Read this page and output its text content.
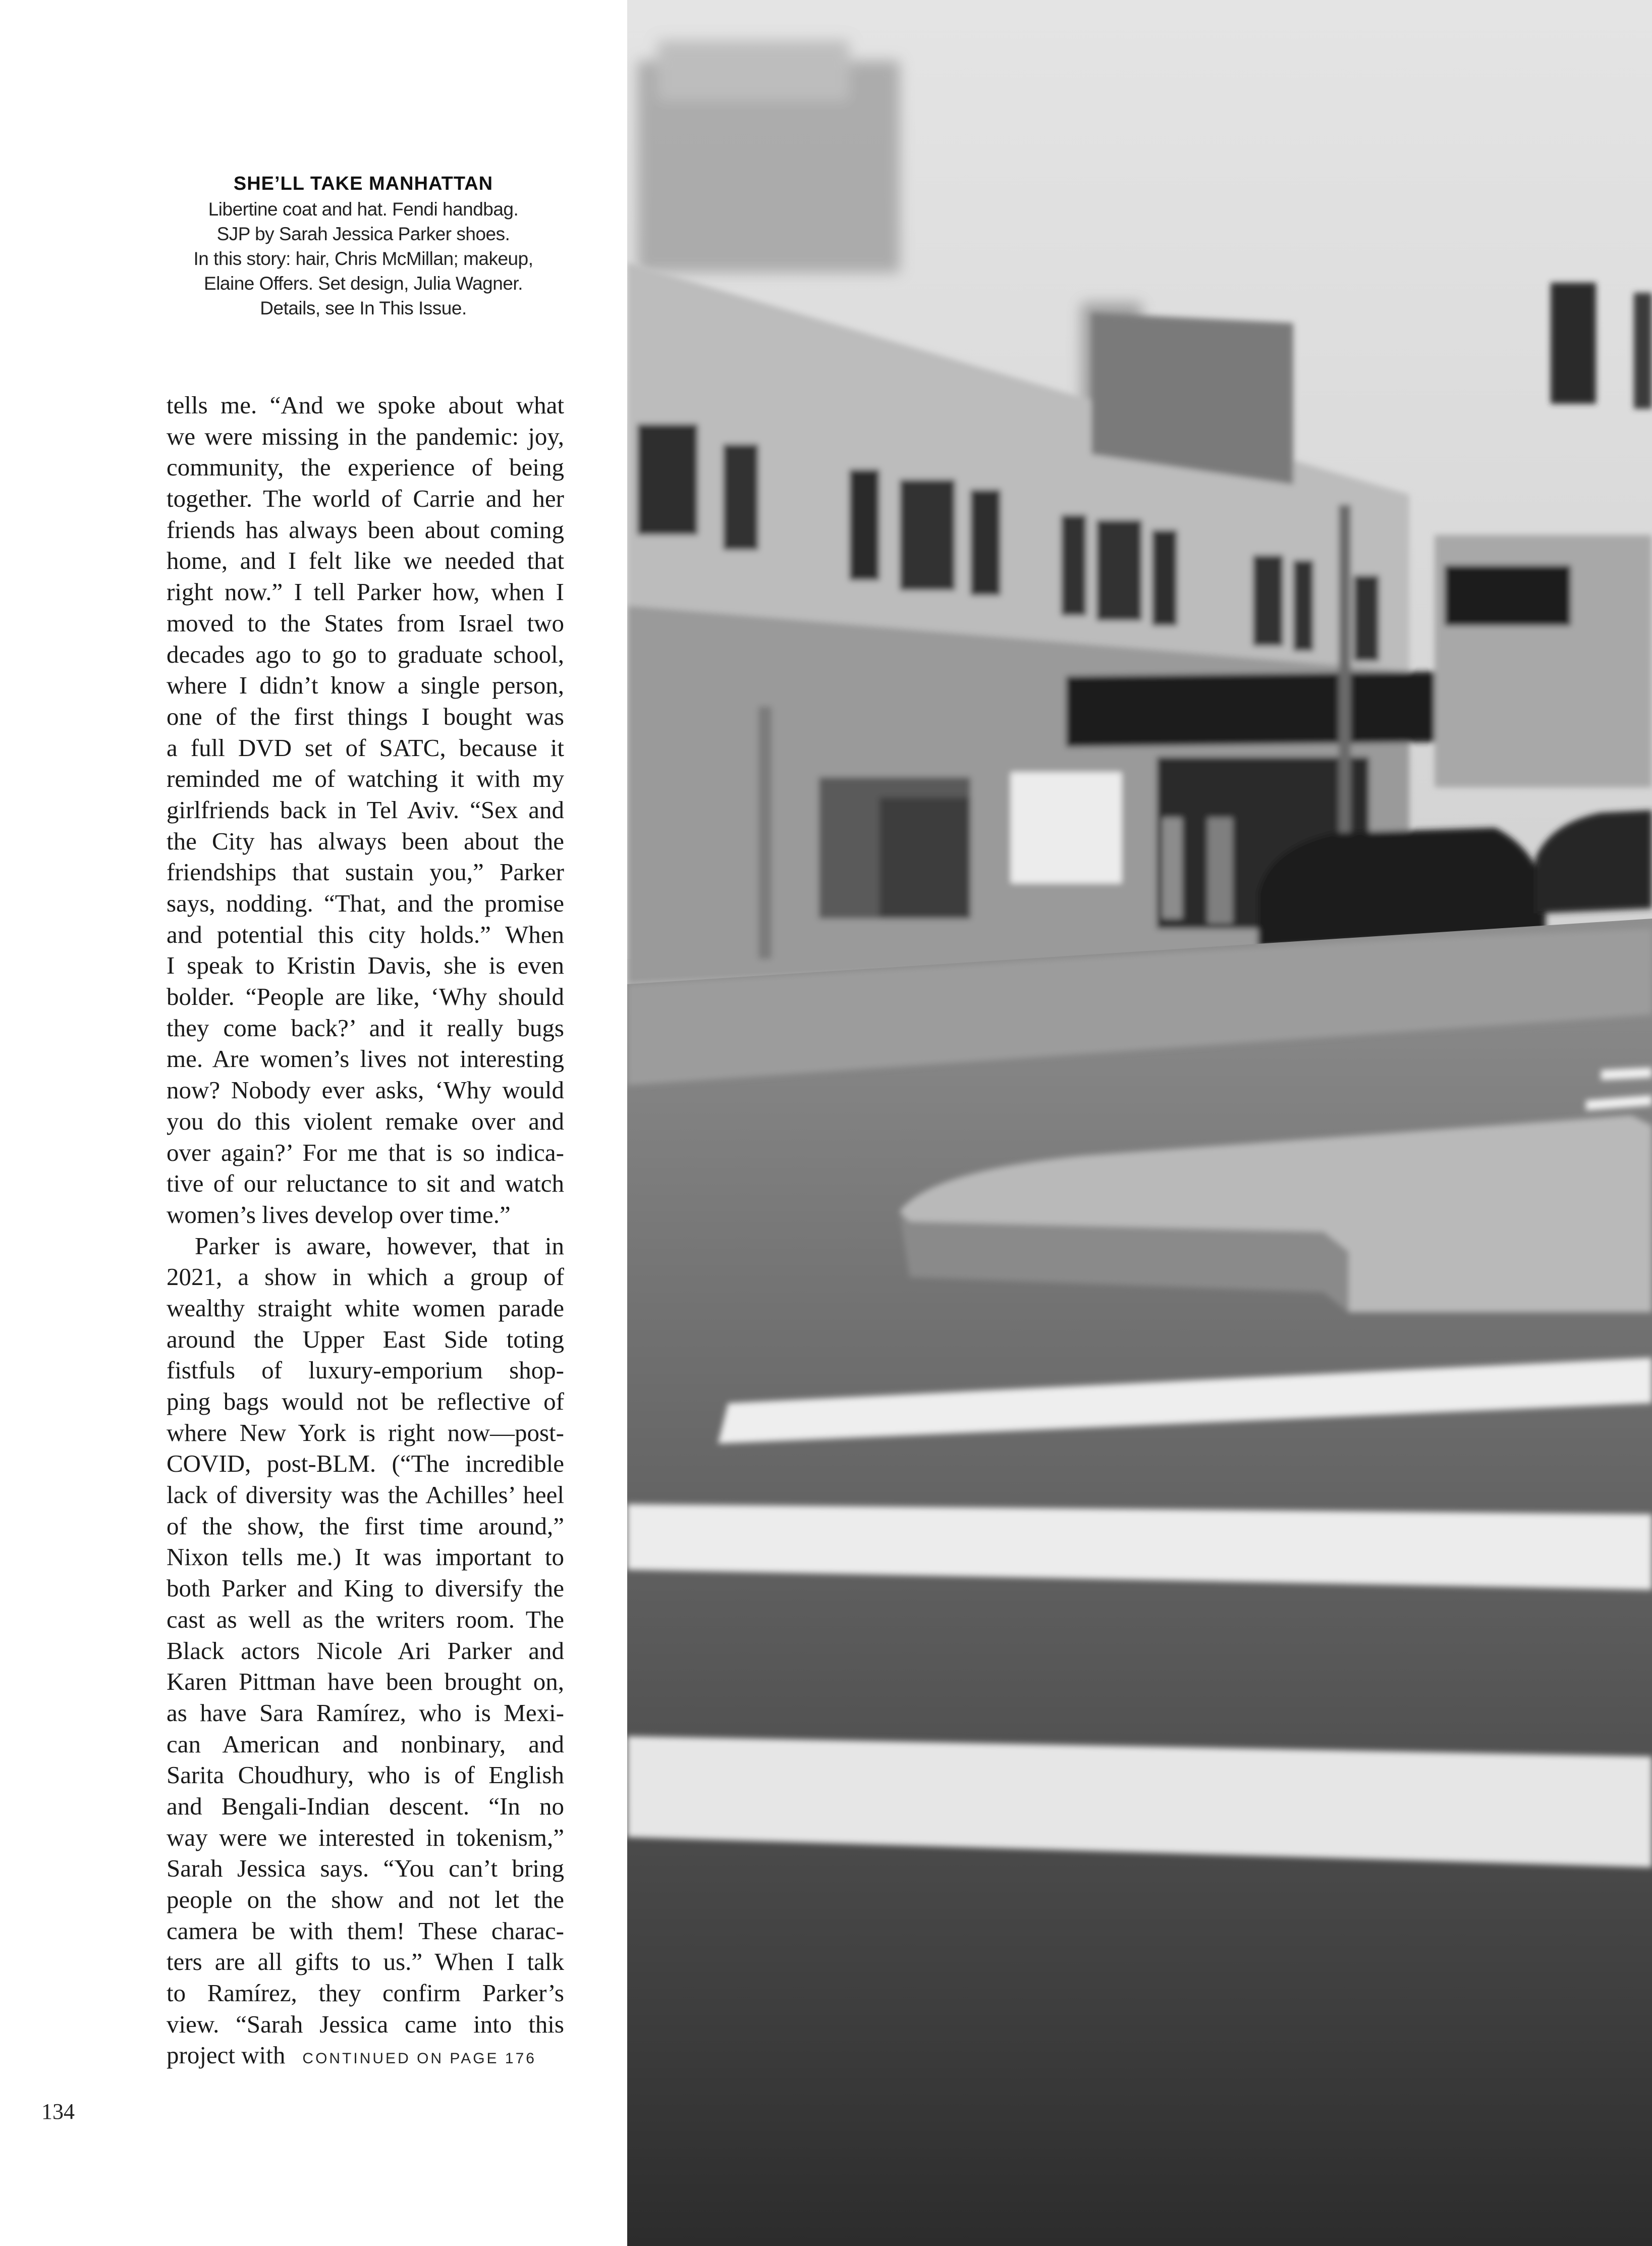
SHE’LL TAKE MANHATTAN
Libertine coat and hat. Fendi handbag.
SJP by Sarah Jessica Parker shoes.
In this story: hair, Chris McMillan; makeup,
Elaine Offers. Set design, Julia Wagner.
Details, see In This Issue.
tells me. “And we spoke about what
we were missing in the pandemic: joy,
community, the experience of being
together. The world of Carrie and her
friends has always been about coming
home, and I felt like we needed that
right now.” I tell Parker how, when I
moved to the States from Israel two
decades ago to go to graduate school,
where I didn’t know a single person,
one of the first things I bought was
a full DVD set of SATC, because it
reminded me of watching it with my
girlfriends back in Tel Aviv. “Sex and
the City has always been about the
friendships that sustain you,” Parker
says, nodding. “That, and the promise
and potential this city holds.” When
I speak to Kristin Davis, she is even
bolder. “People are like, ‘Why should
they come back?’ and it really bugs
me. Are women’s lives not interesting
now? Nobody ever asks, ‘Why would
you do this violent remake over and
over again?’ For me that is so indica-
tive of our reluctance to sit and watch
women’s lives develop over time.”
Parker is aware, however, that in
2021, a show in which a group of
wealthy straight white women parade
around the Upper East Side toting
fistfuls of luxury-emporium shop-
ping bags would not be reflective of
where New York is right now—post-
COVID, post-BLM. (“The incredible
lack of diversity was the Achilles’ heel
of the show, the first time around,”
Nixon tells me.) It was important to
both Parker and King to diversify the
cast as well as the writers room. The
Black actors Nicole Ari Parker and
Karen Pittman have been brought on,
as have Sara Ramírez, who is Mexi-
can American and nonbinary, and
Sarita Choudhury, who is of English
and Bengali-Indian descent. “In no
way were we interested in tokenism,”
Sarah Jessica says. “You can’t bring
people on the show and not let the
camera be with them! These charac-
ters are all gifts to us.” When I talk
to Ramírez, they confirm Parker’s
view. “Sarah Jessica came into this
project with CONTINUED ON PAGE 176
134
